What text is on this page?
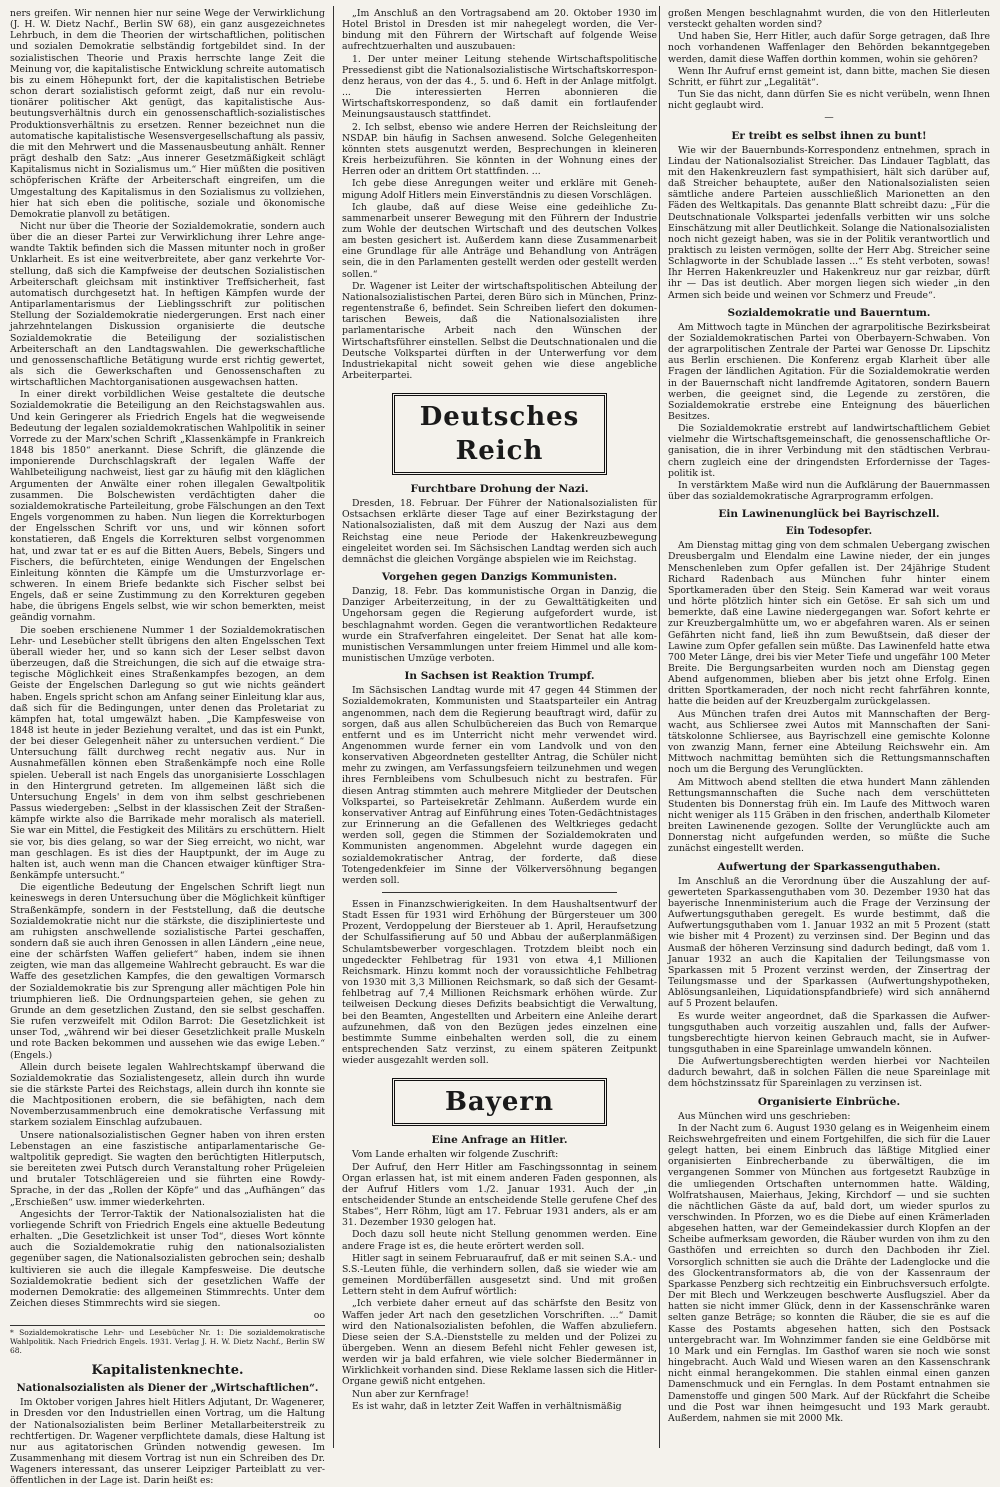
ners greifen. Wir nennen hier nur seine Wege der Verwirklichung (J. H. W. Dietz Nachf., Berlin SW 68), ein ganz ausgezeichnetes Lehrbuch, in dem die Theorien der wirtschaftlichen, politischen und sozialen Demokratie selbständig fortgebildet sind. In der sozialistischen Theorie und Praxis herrschte lange Zeit die Meinung vor, die kapitalistische Entwicklung schreite automatisch bis zu einem Höhepunkt fort, der die kapitalistischen Betriebe schon derart sozialistisch geformt zeigt, daß nur ein revolutionärer politischer Akt genügt, das kapitalistische Ausbeutungsverhältnis durch ein genossenschaftlich-sozialistisches Produktionsverhältnis zu ersetzen. Renner bezeichnet nun die automatische kapitalistische Wesensvergesellschaftung als passiv, die mit den Mehrwert und die Massenausbeutung anhält. Renner prägt deshalb den Satz: „Aus innerer Gesetzmäßigkeit schlägt Kapitalismus nicht in Sozialismus um.“ Hier müßten die positiven schöpferischen Kräfte der Arbeiterschaft eingreifen, um die Umgestaltung des Kapitalismus in den Sozialismus zu vollziehen, hier hat sich eben die politische, soziale und ökonomische Demokratie planvoll zu betätigen.

Nicht nur über die Theorie der Sozialdemokratie, sondern auch über die an dieser Partei zur Verwirklichung ihrer Lehre angewandte Taktik befinden sich die Massen mitunter noch in großer Unklarheit. Es ist eine weitverbreitete, aber ganz verkehrte Vorstellung, daß sich die Kampfweise der deutschen Sozialistischen Arbeiterschaft gleichsam mit instinktiver Treffsicherheit, fast automatisch durchgesetzt hat. In heftigen Kämpfen wurde der Antiparlamentarismus der Lieblingsschrift zur politischen Stellung der Sozialdemokratie niedergerungen. Erst nach einer jahrzehntelangen Diskussion organisierte die deutsche Sozialdemokratie die Beteiligung der sozialistischen Arbeiterschaft an den Landtagswahlen. Die gewerkschaftliche und genossenschaftliche Betätigung wurde erst richtig gewertet, als sich die Gewerkschaften und Genossenschaften zu wirtschaftlichen Machtorganisationen ausgewachsen hatten.

In einer direkt vorbildlichen Weise gestaltete die deutsche Sozialdemokratie die Beteiligung an den Reichstagswahlen aus. Und kein Geringerer als Friedrich Engels hat die wegweisende Bedeutung der legalen sozialdemokratischen Wahlpolitik in seiner Vorrede zu der Marx'schen Schrift „Klassenkämpfe in Frankreich 1848 bis 1850“ anerkannt. Diese Schrift, die glänzende die imponierende Durchschlagskraft der legalen Waffe der Wahlbeteiligung nachweist, liest gar zu häufig mit den kläglichen Argumenten der Anwälte einer rohen illegalen Gewaltpolitik zusammen. Die Bolschewisten verdächtigten daher die sozialdemokratische Parteileitung, grobe Fälschungen an den Text Engels vorgenommen zu haben. Nun liegen die Korrekturbogen der Engelsschen Schrift vor uns, und wir können sofort konstatieren, daß Engels die Korrekturen selbst vorgenommen hat, und zwar tat er es auf die Bitten Auers, Bebels, Singers und Fischers, die befürchteten, einige Wendungen der Engelschen Einleitung könnten die Kämpfe um die Umsturzvorlage erschweren. In einem Briefe bedankte sich Fischer selbst bei Engels, daß er seine Zustimmung zu den Korrekturen gegeben habe, die übrigens Engels selbst, wie wir schon bemerkten, meist geändig vornahm.

Die soeben erschienene Nummer 1 der Sozialdemokratischen Lehr- und Lesebücher stellt übrigens den alten Engelsschen Text überall wieder her, und so kann sich der Leser selbst davon überzeugen, daß die Streichungen, die sich auf die etwaige strategische Möglichkeit eines Straßenkampfes bezogen, an dem Geiste der Engelschen Darlegung so gut wie nichts geändert haben. Engels spricht schon am Anfang seiner Einleitung klar aus, daß sich für die Bedingungen, unter denen das Proletariat zu kämpfen hat, total umgewälzt haben. „Die Kampfesweise von 1848 ist heute in jeder Beziehung veraltet, und das ist ein Punkt, der bei dieser Gelegenheit näher zu untersuchen verdient.“ Die Untersuchung fällt durchweg recht negativ aus. Nur in Ausnahmefällen können eben Straßenkämpfe noch eine Rolle spielen. Ueberall ist nach Engels das unorganisierte Losschlagen in den Hintergrund getreten. Im allgemeinen läßt sich die Untersuchung Engels' in dem von ihm selbst geschriebenen Passus wiedergeben: „Selbst in der klassischen Zeit der Straßenkämpfe wirkte also die Barrikade mehr moralisch als materiell. Sie war ein Mittel, die Festigkeit des Militärs zu erschüttern. Hielt sie vor, bis dies gelang, so war der Sieg erreicht, wo nicht, war man geschlagen. Es ist dies der Hauptpunkt, der im Auge zu halten ist, auch wenn man die Chancen etwaiger künftiger Straßenkämpfe untersucht.“

Die eigentliche Bedeutung der Engelschen Schrift liegt nun keineswegs in deren Untersuchung über die Möglichkeit künftiger Straßenkämpfe, sondern in der Feststellung, daß die deutsche Sozialdemokratie nicht nur die stärkste, die disziplinierteste und am ruhigsten anschwellende sozialistische Partei geschaffen, sondern daß sie auch ihren Genossen in allen Ländern „eine neue, eine der schärfsten Waffen geliefert“ haben, indem sie ihnen zeigten, wie man das allgemeine Wahlrecht gebraucht. Es war die Waffe des gesetzlichen Kampfes, die den gewaltigen Vormarsch der Sozialdemokratie bis zur Sprengung aller mächtigen Pole hin triumphieren ließ. Die Ordnungsparteien gehen, sie gehen zu Grunde an dem gesetzlichen Zustand, den sie selbst geschaffen. Sie rufen verzweifelt mit Odilon Barrot: Die Gesetzlichkeit ist unser Tod, „während wir bei dieser Gesetzlichkeit pralle Muskeln und rote Backen bekommen und aussehen wie das ewige Leben.“ (Engels.)

Allein durch beisete legalen Wahlrechtskampf überwand die Sozialdemokratie das Sozialistengesetz, allein durch ihn wurde sie die stärkste Partei des Reichstags, allein durch ihn konnte sie die Machtpositionen erobern, die sie befähigten, nach dem Novemberzusammenbruch eine demokratische Verfassung mit starkem sozialem Einschlag aufzubauen.

Unsere nationalsozialistischen Gegner haben von ihren ersten Lebenstagen an eine faszistische antiparlamentarische Gewaltpolitik gepredigt. Sie wagten den berüchtigten Hitlerputsch, sie bereiteten zwei Putsch durch Veranstaltung roher Prügeleien und brutaler Totschlägereien und sie führten eine Rowdy-Sprache, in der das „Rollen der Köpfe“ und das „Aufhängen“ das „Erschießen“ usw. immer wiederkehrten.

Angesichts der Terror-Taktik der Nationalsozialisten hat die vorliegende Schrift von Friedrich Engels eine aktuelle Bedeutung erhalten. „Die Gesetzlichkeit ist unser Tod“, dieses Wort könnte auch die Sozialdemokratie ruhig den nationalsozialisten gegenüber sagen, die Nationalsozialisten gebrochen sein; deshalb kultivieren sie auch die illegale Kampfesweise. Die deutsche Sozialdemokratie bedient sich der gesetzlichen Waffe der modernen Demokratie: des allgemeinen Stimmrechts. Unter dem Zeichen dieses Stimmrechts wird sie siegen.

oo
* Sozialdemokratische Lehr- und Lesebücher Nr. 1: Die sozialdemokratische Wahlpolitik. Nach Friedrich Engels. 1931. Verlag J. H. W. Dietz Nachf., Berlin SW 68.
Kapitalistenknechte.
Nationalsozialisten als Diener der „Wirtschaftlichen“.

Im Oktober vorigen Jahres hielt Hitlers Adjutant, Dr. Wagenerer, in Dresden vor den Industriellen einen Vortrag, um die Haltung der Nationalsozialisten beim Berliner Metallarbeiterstreik zu rechtfertigen. Dr. Wagener verpflichtete damals, diese Haltung ist nur aus agitatorischen Gründen notwendig gewesen. Im Zusammenhang mit diesem Vortrag ist nun ein Schreiben des Dr. Wageners interessant, das unserer Leipziger Parteiblatt zu veröffentlichen in der Lage ist. Darin heißt es:

„Im Anschluß an den Vortragsabend am 20. Oktober 1930 im Hotel Bristol in Dresden ist mir nahegelegt worden, die Verbindung mit den Führern der Wirtschaft auf folgende Weise aufrechtzuerhalten und auszubauen:

1. Der unter meiner Leitung stehende Wirtschaftspolitische Pressedienst gibt die Nationalsozialistische Wirtschaftskorrespondenz heraus, von der das 4., 5. und 6. Heft in der Anlage mitfolgt. ... Die interessierten Herren abonnieren die Wirtschaftskorrespondenz, so daß damit ein fortlaufender Meinungsaustausch stattfindet.

2. Ich selbst, ebenso wie andere Herren der Reichsleitung der NSDAP. bin häufig in Sachsen anwesend. Solche Gelegenheiten könnten stets ausgenutzt werden, Besprechungen in kleineren Kreis herbeizuführen. Sie könnten in der Wohnung eines der Herren oder an drittem Ort stattfinden. ...

Ich gebe diese Anregungen weiter und erkläre mit Genehmigung Adolf Hitlers mein Einverständnis zu diesen Vorschlägen.

Ich glaube, daß auf diese Weise eine gedeihliche Zusammenarbeit unserer Bewegung mit den Führern der Industrie zum Wohle der deutschen Wirtschaft und des deutschen Volkes am besten gesichert ist. Außerdem kann diese Zusammenarbeit eine Grundlage für alle Anträge und Behandlung von Anträgen sein, die in den Parlamenten gestellt werden oder gestellt werden sollen.“

Dr. Wagener ist Leiter der wirtschaftspolitischen Abteilung der Nationalsozialistischen Partei, deren Büro sich in München, Prinzregentenstraße 6, befindet. Sein Schreiben liefert den dokumentarischen Beweis, daß die Nationalsozialisten ihre parlamentarische Arbeit nach den Wünschen der Wirtschaftsführer einstellen. Selbst die Deutschnationalen und die Deutsche Volkspartei dürften in der Unterwerfung vor dem Industriekapital nicht soweit gehen wie diese angebliche Arbeiterpartei.

Deutsches Reich
Furchtbare Drohung der Nazi.

Dresden, 18. Februar. Der Führer der Nationalsozialisten für Ostsachsen erklärte dieser Tage auf einer Bezirkstagung der Nationalsozialisten, daß mit dem Auszug der Nazi aus dem Reichstag eine neue Periode der Hakenkreuzbewegung eingeleitet worden sei. Im Sächsischen Landtag werden sich auch demnächst die gleichen Vorgänge abspielen wie im Reichstag.

Vorgehen gegen Danzigs Kommunisten.

Danzig, 18. Febr. Das kommunistische Organ in Danzig, die Danziger Arbeiterzeitung, in der zu Gewalttätigkeiten und Ungehorsam gegen die Regierung aufgefordert wurde, ist beschlagnahmt worden. Gegen die verantwortlichen Redakteure wurde ein Strafverfahren eingeleitet. Der Senat hat alle kommunistischen Versammlungen unter freiem Himmel und alle kommunistischen Umzüge verboten.

In Sachsen ist Reaktion Trumpf.

Im Sächsischen Landtag wurde mit 47 gegen 44 Stimmen der Sozialdemokraten, Kommunisten und Staatsparteiler ein Antrag angenommen, nach dem die Regierung beauftragt wird, dafür zu sorgen, daß aus allen Schulbüchereien das Buch von Remarque entfernt und es im Unterricht nicht mehr verwendet wird. Angenommen wurde ferner ein vom Landvolk und von den konservativen Abgeordneten gestellter Antrag, die Schüler nicht mehr zu zwingen, am Verfassungsfeiern teilzunehmen und wegen ihres Fernbleibens vom Schulbesuch nicht zu bestrafen. Für diesen Antrag stimmten auch mehrere Mitglieder der Deutschen Volkspartei, so Parteisekretär Zehlmann. Außerdem wurde ein konservativer Antrag auf Einführung eines Toten-Gedächtnistages zur Erinnerung an die Gefallenen des Weltkrieges gedacht werden soll, gegen die Stimmen der Sozialdemokraten und Kommunisten angenommen. Abgelehnt wurde dagegen ein sozialdemokratischer Antrag, der forderte, daß diese Totengedenkfeier im Sinne der Völkerversöhnung begangen werden soll.

Essen in Finanzschwierigkeiten. In dem Haushaltsentwurf der Stadt Essen für 1931 wird Erhöhung der Bürgersteuer um 300 Prozent, Verdoppelung der Biersteuer ab 1. April, Heraufsetzung der Schulfassifierung auf 50 und Abbau der außerplanmäßigen Schulamtsbewerber vorgeschlagen. Trotzdem bleibt noch ein ungedeckter Fehlbetrag für 1931 von etwa 4,1 Millionen Reichsmark. Hinzu kommt noch der voraussichtliche Fehlbetrag von 1930 mit 3,3 Millionen Reichsmark, so daß sich der Gesamtfehlbetrag auf 7,4 Millionen Reichsmark erhöhen würde. Zur teilweisen Deckung dieses Defizits beabsichtigt die Verwaltung, bei den Beamten, Angestellten und Arbeitern eine Anleihe derart aufzunehmen, daß von den Bezügen jedes einzelnen eine bestimmte Summe einbehalten werden soll, die zu einem entsprechenden Satz verzinst, zu einem späteren Zeitpunkt wieder ausgezahlt werden soll.

Bayern
Eine Anfrage an Hitler.

Vom Lande erhalten wir folgende Zuschrift:

Der Aufruf, den Herr Hitler am Faschingssonntag in seinem Organ erlassen hat, ist mit einem anderen Faden gesponnen, als der Aufruf Hitlers vom 1./2. Januar 1931. Auch der „in entscheidender Stunde an entscheidende Stelle gerufene Chef des Stabes“, Herr Röhm, lügt am 17. Februar 1931 anders, als er am 31. Dezember 1930 gelogen hat.

Doch dazu soll heute nicht Stellung genommen werden. Eine andere Frage ist es, die heute erörtert werden soll.

Hitler sagt in seinem Februaraufruf, daß er mit seinen S.A.- und S.S.-Leuten fühle, die verhindern sollen, daß sie wieder wie am gemeinen Mordüberfällen ausgesetzt sind. Und mit großen Lettern steht in dem Aufruf wörtlich:

„Ich verbiete daher erneut auf das schärfste den Besitz von Waffen jeder Art nach den gesetzlichen Vorschriften. ...“ Damit wird den Nationalsozialisten befohlen, die Waffen abzuliefern. Diese seien der S.A.-Dienststelle zu melden und der Polizei zu übergeben. Wenn an diesem Befehl nicht Fehler gewesen ist, werden wir ja bald erfahren, wie viele solcher Biedermänner in Wirklichkeit vorhanden sind. Diese Reklame lassen sich die Hitler-Organe gewiß nicht entgehen.

Nun aber zur Kernfrage!

Es ist wahr, daß in letzter Zeit Waffen in verhältnismäßig

großen Mengen beschlagnahmt wurden, die von den Hitlerleuten versteckt gehalten worden sind?

Und haben Sie, Herr Hitler, auch dafür Sorge getragen, daß Ihre noch vorhandenen Waffenlager den Behörden bekanntgegeben werden, damit diese Waffen dorthin kommen, wohin sie gehören?

Wenn Ihr Aufruf ernst gemeint ist, dann bitte, machen Sie diesen Schritt, er führt zur „Legalität“.

Tun Sie das nicht, dann dürfen Sie es nicht verübeln, wenn Ihnen nicht geglaubt wird.

—
Er treibt es selbst ihnen zu bunt!

Wie wir der Bauernbunds-Korrespondenz entnehmen, sprach in Lindau der Nationalsozialist Streicher. Das Lindauer Tagblatt, das mit den Hakenkreuzlern fast sympathisiert, hält sich darüber auf, daß Streicher behauptete, außer den Nationalsozialisten seien sämtliche andere Parteien ausschließlich Marionetten an den Fäden des Weltkapitals. Das genannte Blatt schreibt dazu: „Für die Deutschnationale Volkspartei jedenfalls verbitten wir uns solche Einschätzung mit aller Deutlichkeit. Solange die Nationalsozialisten noch nicht gezeigt haben, was sie in der Politik verantwortlich und praktisch zu leisten vermögen, sollte der Herr Abg. Streicher seine Schlagworte in der Schublade lassen ...“ Es steht verboten, sowas! Ihr Herren Hakenkreuzler und Hakenkreuz nur gar reizbar, dürft ihr — Das ist deutlich. Aber morgen liegen sich wieder „in den Armen sich beide und weinen vor Schmerz und Freude“.

Sozialdemokratie und Bauerntum.

Am Mittwoch tagte in München der agrarpolitische Bezirksbeirat der Sozialdemokratischen Partei von Oberbayern-Schwaben. Von der agrarpolitischen Zentrale der Partei war Genosse Dr. Lipschitz aus Berlin erschienen. Die Konferenz ergab Klarheit über alle Fragen der ländlichen Agitation. Für die Sozialdemokratie werden in der Bauernschaft nicht landfremde Agitatoren, sondern Bauern werben, die geeignet sind, die Legende zu zerstören, die Sozialdemokratie erstrebe eine Enteignung des bäuerlichen Besitzes.

Die Sozialdemokratie erstrebt auf landwirtschaftlichem Gebiet vielmehr die Wirtschaftsgemeinschaft, die genossenschaftliche Organisation, die in ihrer Verbindung mit den städtischen Verbrauchern zugleich eine der dringendsten Erfordernisse der Tagespolitik ist.

In verstärktem Maße wird nun die Aufklärung der Bauernmassen über das sozialdemokratische Agrarprogramm erfolgen.

Ein Lawinenunglück bei Bayrischzell.
Ein Todesopfer.

Am Dienstag mittag ging von dem schmalen Uebergang zwischen Dreusbergalm und Elendalm eine Lawine nieder, der ein junges Menschenleben zum Opfer gefallen ist. Der 24jährige Student Richard Radenbach aus München fuhr hinter einem Sportkameraden über den Steig. Sein Kamerad war weit voraus und hörte plötzlich hinter sich ein Getöse. Er sah sich um und bemerkte, daß eine Lawine niedergegangen war. Sofort kehrte er zur Kreuzbergalmhütte um, wo er abgefahren waren. Als er seinen Gefährten nicht fand, ließ ihn zum Bewußtsein, daß dieser der Lawine zum Opfer gefallen sein müßte. Das Lawinenfeld hatte etwa 700 Meter Länge, drei bis vier Meter Tiefe und ungefähr 100 Meter Breite. Die Bergungsarbeiten wurden noch am Dienstag gegen Abend aufgenommen, blieben aber bis jetzt ohne Erfolg. Einen dritten Sportkameraden, der noch nicht recht fahrfähren konnte, hatte die beiden auf der Kreuzbergalm zurückgelassen.

Aus München trafen drei Autos mit Mannschaften der Bergwacht, aus Schliersee zwei Autos mit Mannschaften der Sanitätskolonne Schliersee, aus Bayrischzell eine gemischte Kolonne von zwanzig Mann, ferner eine Abteilung Reichswehr ein. Am Mittwoch nachmittag bemühten sich die Rettungsmannschaften noch um die Bergung des Verunglückten.

Am Mittwoch abend stellten die etwa hundert Mann zählenden Rettungsmannschaften die Suche nach dem verschütteten Studenten bis Donnerstag früh ein. Im Laufe des Mittwoch waren nicht weniger als 115 Gräben in den frischen, anderthalb Kilometer breiten Lawinenende gezogen. Sollte der Verunglückte auch am Donnerstag nicht aufgefunden werden, so müßte die Suche zunächst eingestellt werden.

Aufwertung der Sparkassenguthaben.

Im Anschluß an die Verordnung über die Auszahlung der aufgewerteten Sparkassenguthaben vom 30. Dezember 1930 hat das bayerische Innenministerium auch die Frage der Verzinsung der Aufwertungsguthaben geregelt. Es wurde bestimmt, daß die Aufwertungsguthaben vom 1. Januar 1932 an mit 5 Prozent (statt wie bisher mit 4 Prozent) zu verzinsen sind. Der Beginn und das Ausmaß der höheren Verzinsung sind dadurch bedingt, daß vom 1. Januar 1932 an auch die Kapitalien der Teilungsmasse von Sparkassen mit 5 Prozent verzinst werden, der Zinsertrag der Teilungsmasse und der Sparkassen (Aufwertungshypotheken, Ablösungsanleihen, Liquidationspfandbriefe) wird sich annähernd auf 5 Prozent belaufen.

Es wurde weiter angeordnet, daß die Sparkassen die Aufwertungsguthaben auch vorzeitig auszahlen und, falls der Aufwertungsberechtigte hiervon keinen Gebrauch macht, sie in Aufwertungsguthaben in eine Spareinlage umwandeln können.

Die Aufwertungsberechtigten werden hierbei vor Nachteilen dadurch bewahrt, daß in solchen Fällen die neue Spareinlage mit dem höchstzinssatz für Spareinlagen zu verzinsen ist.

Organisierte Einbrüche.

Aus München wird uns geschrieben:

In der Nacht zum 6. August 1930 gelang es in Weigenheim einem Reichswehrgefreiten und einem Fortgehilfen, die sich für die Lauer gelegt hatten, bei einem Einbruch das läßtige Mitglied einer organisierten Einbrecherbande zu überwältigen, die im vergangenen Sommer von München aus fortgesetzt Raubzüge in die umliegenden Ortschaften unternommen hatte. Wälding, Wolfratshausen, Maierhaus, Jeking, Kirchdorf — und sie suchten die nächtlichen Gäste da auf, bald dort, um wieder spurlos zu verschwinden. In Pforzen, wo es die Diebe auf einen Krämerladen abgesehen hatten, war der Gemeindekassier durch Klopfen an der Scheibe aufmerksam geworden, die Räuber wurden von ihm zu den Gasthöfen und erreichten so durch den Dachboden ihr Ziel. Vorsorglich schnitten sie auch die Drähte der Ladenglocke und die des Glockentransformators ab, die von der Kassenraum der Sparkasse Penzberg sich rechtzeitig ein Einbruchsversuch erfolgte. Der mit Blech und Werkzeugen beschwerte Ausflugsziel. Aber da hatten sie nicht immer Glück, denn in der Kassenschränke waren selten ganze Beträge; so konnten die Räuber, die sie es auf die Kasse des Postamts abgesehen hatten, sich den Postsack untergebracht war. Im Wohnzimmer fanden sie eine Geldbörse mit 10 Mark und ein Fernglas. Im Gasthof waren sie noch wie sonst hingebracht. Auch Wald und Wiesen waren an den Kassenschrank nicht einmal herangekommen. Die stahlen einmal einen ganzen Damenschmuck und ein Fernglas. In dem Postamt entnahmen sie Damenstoffe und gingen 500 Mark. Auf der Rückfahrt die Scheibe und die Post war ihnen heimgesucht und 193 Mark geraubt. Außerdem, nahmen sie mit 2000 Mk.
